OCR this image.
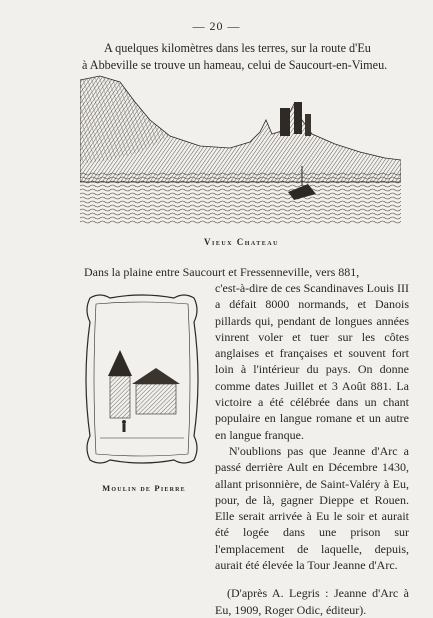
— 20 —
A quelques kilomètres dans les terres, sur la route d'Eu
à Abbeville se trouve un hameau, celui de Saucourt-en-Vimeu.
Vieux Chateau
Dans la plaine entre Saucourt et Fressenneville, vers 881,
Moulin de Pierre

c'est-à-dire de ces Scandinaves Louis III a défait 8000 normands, et Danois pillards qui, pendant de longues années vinrent voler et tuer sur les côtes anglaises et françaises et souvent fort loin à l'intérieur du pays. On donne comme dates Juillet et 3 Août 881. La victoire a été célébrée dans un chant populaire en langue romane et un autre en langue franque.

N'oublions pas que Jeanne d'Arc a passé derrière Ault en Décembre 1430, allant prisonnière, de Saint-Valéry à Eu, pour, de là, gagner Dieppe et Rouen. Elle serait arrivée à Eu le soir et aurait été logée dans une prison sur l'emplacement de laquelle, depuis, aurait été élevée la Tour Jeanne d'Arc.

(D'après A. Legris : Jeanne d'Arc à Eu, 1909, Roger Odic, éditeur).
